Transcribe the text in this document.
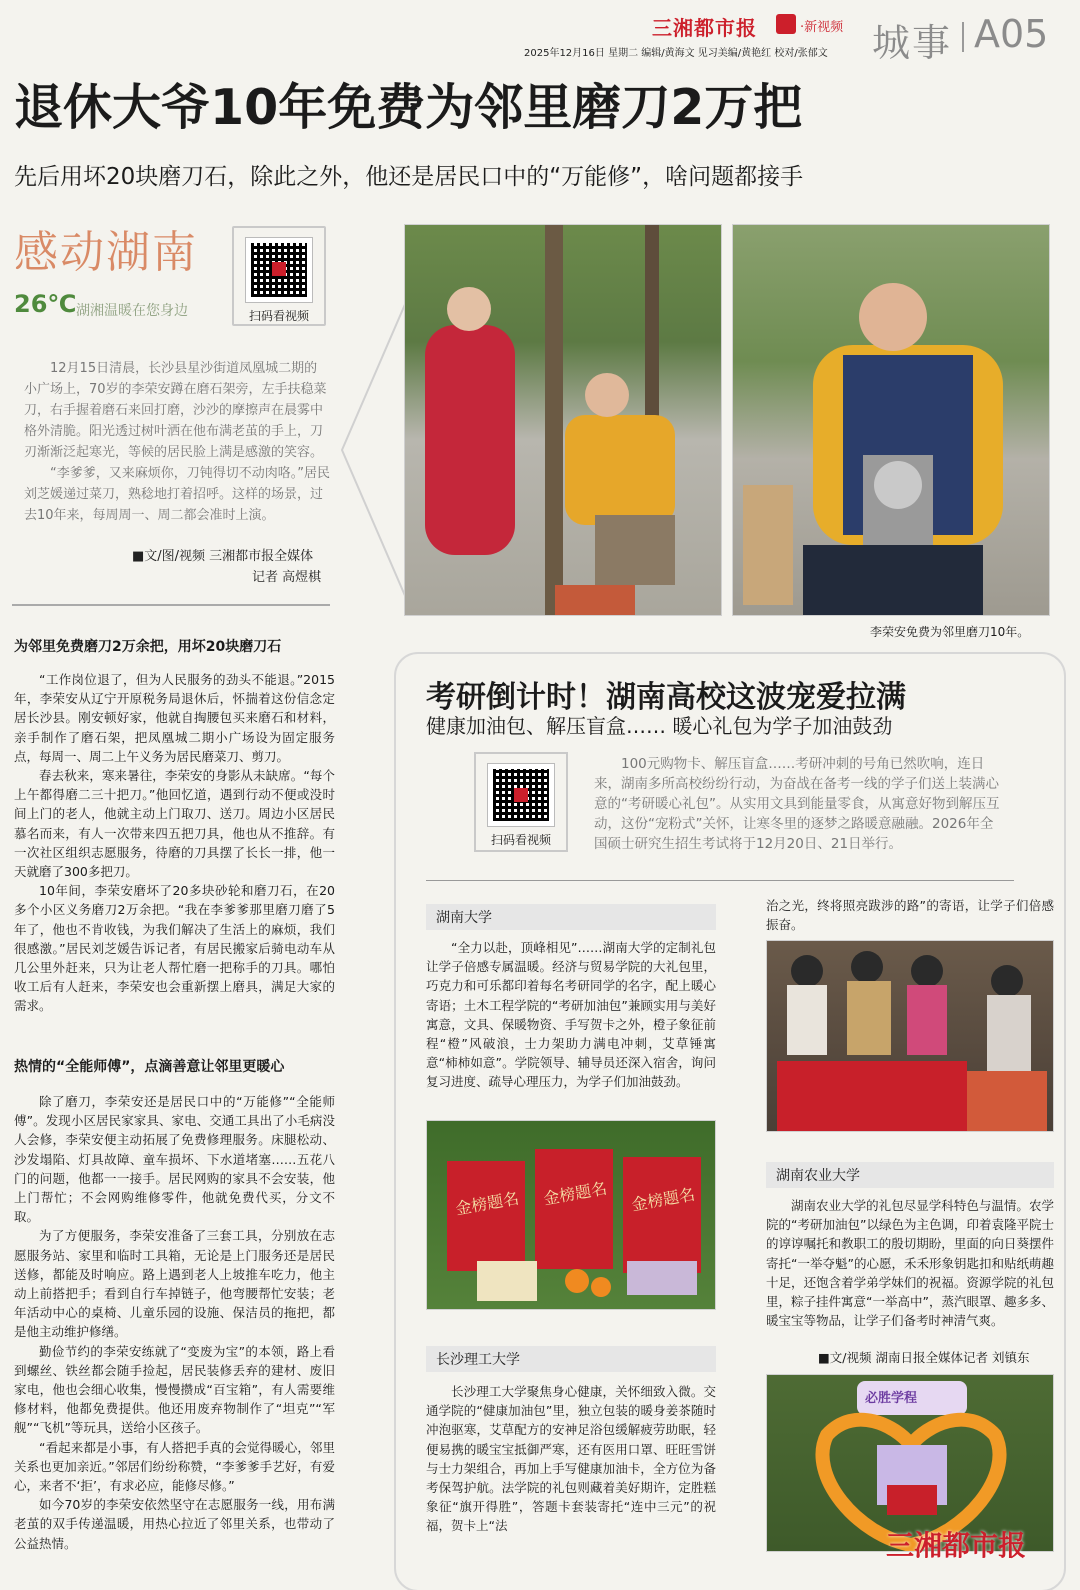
三湘都市报	·新视频
2025年12月16日 星期二 编辑/黄海文 见习美编/黄艳红 校对/张郁文 城事 A05
退休大爷10年免费为邻里磨刀2万把
先后用坏20块磨刀石，除此之外，他还是居民口中的“万能修”，啥问题都接手
感动湖南
26℃ 湖湘温暖在您身边	扫码看视频

12月15日清晨，长沙县星沙街道凤凰城二期的小广场上，70岁的李荣安蹲在磨石架旁，左手扶稳菜刀，右手握着磨石来回打磨，沙沙的摩擦声在晨雾中格外清脆。阳光透过树叶洒在他布满老茧的手上，刀刃渐渐泛起寒光，等候的居民脸上满是感激的笑容。

“李爹爹，又来麻烦你，刀钝得切不动肉咯。”居民刘芝媛递过菜刀，熟稔地打着招呼。这样的场景，过去10年来，每周周一、周二都会准时上演。

■文/图/视频 三湘都市报全媒体
记者 高煜棋
李荣安免费为邻里磨刀10年。
为邻里免费磨刀2万余把，用坏20块磨刀石

“工作岗位退了，但为人民服务的劲头不能退。”2015年，李荣安从辽宁开原税务局退休后，怀揣着这份信念定居长沙县。刚安顿好家，他就自掏腰包买来磨石和材料，亲手制作了磨石架，把凤凰城二期小广场设为固定服务点，每周一、周二上午义务为居民磨菜刀、剪刀。

春去秋来，寒来暑往，李荣安的身影从未缺席。“每个上午都得磨二三十把刀。”他回忆道，遇到行动不便或没时间上门的老人，他就主动上门取刀、送刀。周边小区居民慕名而来，有人一次带来四五把刀具，他也从不推辞。有一次社区组织志愿服务，待磨的刀具摆了长长一排，他一天就磨了300多把刀。

10年间，李荣安磨坏了20多块砂轮和磨刀石，在20多个小区义务磨刀2万余把。“我在李爹爹那里磨刀磨了5年了，他也不肯收钱，为我们解决了生活上的麻烦，我们很感激。”居民刘芝媛告诉记者，有居民搬家后骑电动车从几公里外赶来，只为让老人帮忙磨一把称手的刀具。哪怕收工后有人赶来，李荣安也会重新摆上磨具，满足大家的需求。

热情的“全能师傅”，点滴善意让邻里更暖心

除了磨刀，李荣安还是居民口中的“万能修”“全能师傅”。发现小区居民家家具、家电、交通工具出了小毛病没人会修，李荣安便主动拓展了免费修理服务。床腿松动、沙发塌陷、灯具故障、童车损坏、下水道堵塞……五花八门的问题，他都一一接手。居民网购的家具不会安装，他上门帮忙；不会网购维修零件，他就免费代买，分文不取。

为了方便服务，李荣安准备了三套工具，分别放在志愿服务站、家里和临时工具箱，无论是上门服务还是居民送修，都能及时响应。路上遇到老人上坡推车吃力，他主动上前搭把手；看到自行车掉链子，他弯腰帮忙安装；老年活动中心的桌椅、儿童乐园的设施、保洁员的拖把，都是他主动维护修缮。

勤俭节约的李荣安练就了“变废为宝”的本领，路上看到螺丝、铁丝都会随手捡起，居民装修丢弃的建材、废旧家电，他也会细心收集，慢慢攒成“百宝箱”，有人需要维修材料，他都免费提供。他还用废弃物制作了“坦克”“军舰”“飞机”等玩具，送给小区孩子。

“看起来都是小事，有人搭把手真的会觉得暖心，邻里关系也更加亲近。”邻居们纷纷称赞，“李爹爹手艺好，有爱心，来者不‘拒’，有求必应，能修尽修。”

如今70岁的李荣安依然坚守在志愿服务一线，用布满老茧的双手传递温暖，用热心拉近了邻里关系，也带动了公益热情。

考研倒计时！湖南高校这波宠爱拉满
健康加油包、解压盲盒…… 暖心礼包为学子加油鼓劲
扫码看视频
100元购物卡、解压盲盒……考研冲刺的号角已然吹响，连日来，湖南多所高校纷纷行动，为奋战在备考一线的学子们送上装满心意的“考研暖心礼包”。从实用文具到能量零食，从寓意好物到解压互动，这份“宠粉式”关怀，让寒冬里的逐梦之路暖意融融。2026年全国硕士研究生招生考试将于12月20日、21日举行。
湖南大学
“全力以赴，顶峰相见”……湖南大学的定制礼包让学子倍感专属温暖。经济与贸易学院的大礼包里，巧克力和可乐都印着每名考研同学的名字，配上暖心寄语；土木工程学院的“考研加油包”兼顾实用与美好寓意，文具、保暖物资、手写贺卡之外，橙子象征前程“橙”风破浪，士力架助力满电冲刺，艾草锤寓意“柿柿如意”。学院领导、辅导员还深入宿舍，询问复习进度、疏导心理压力，为学子们加油鼓劲。
金榜题名 金榜题名 金榜题名
长沙理工大学
长沙理工大学聚焦身心健康，关怀细致入微。交通学院的“健康加油包”里，独立包装的暖身姜茶随时冲泡驱寒，艾草配方的安神足浴包缓解疲劳助眠，轻便易携的暖宝宝抵御严寒，还有医用口罩、旺旺雪饼与士力架组合，再加上手写健康加油卡，全方位为备考保驾护航。法学院的礼包则藏着美好期许，定胜糕象征“旗开得胜”，答题卡套装寄托“连中三元”的祝福，贺卡上“法
治之光，终将照亮跋涉的路”的寄语，让学子们倍感振奋。
湖南农业大学
湖南农业大学的礼包尽显学科特色与温情。农学院的“考研加油包”以绿色为主色调，印着袁隆平院士的谆谆嘱托和教职工的殷切期盼，里面的向日葵摆件寄托“一举夺魁”的心愿，禾禾形象钥匙扣和贴纸萌趣十足，还饱含着学弟学妹们的祝福。资源学院的礼包里，粽子挂件寓意“一举高中”，蒸汽眼罩、趣多多、暖宝宝等物品，让学子们备考时神清气爽。
■文/视频 湖南日报全媒体记者 刘镇东
必胜学程
三湘都市报
